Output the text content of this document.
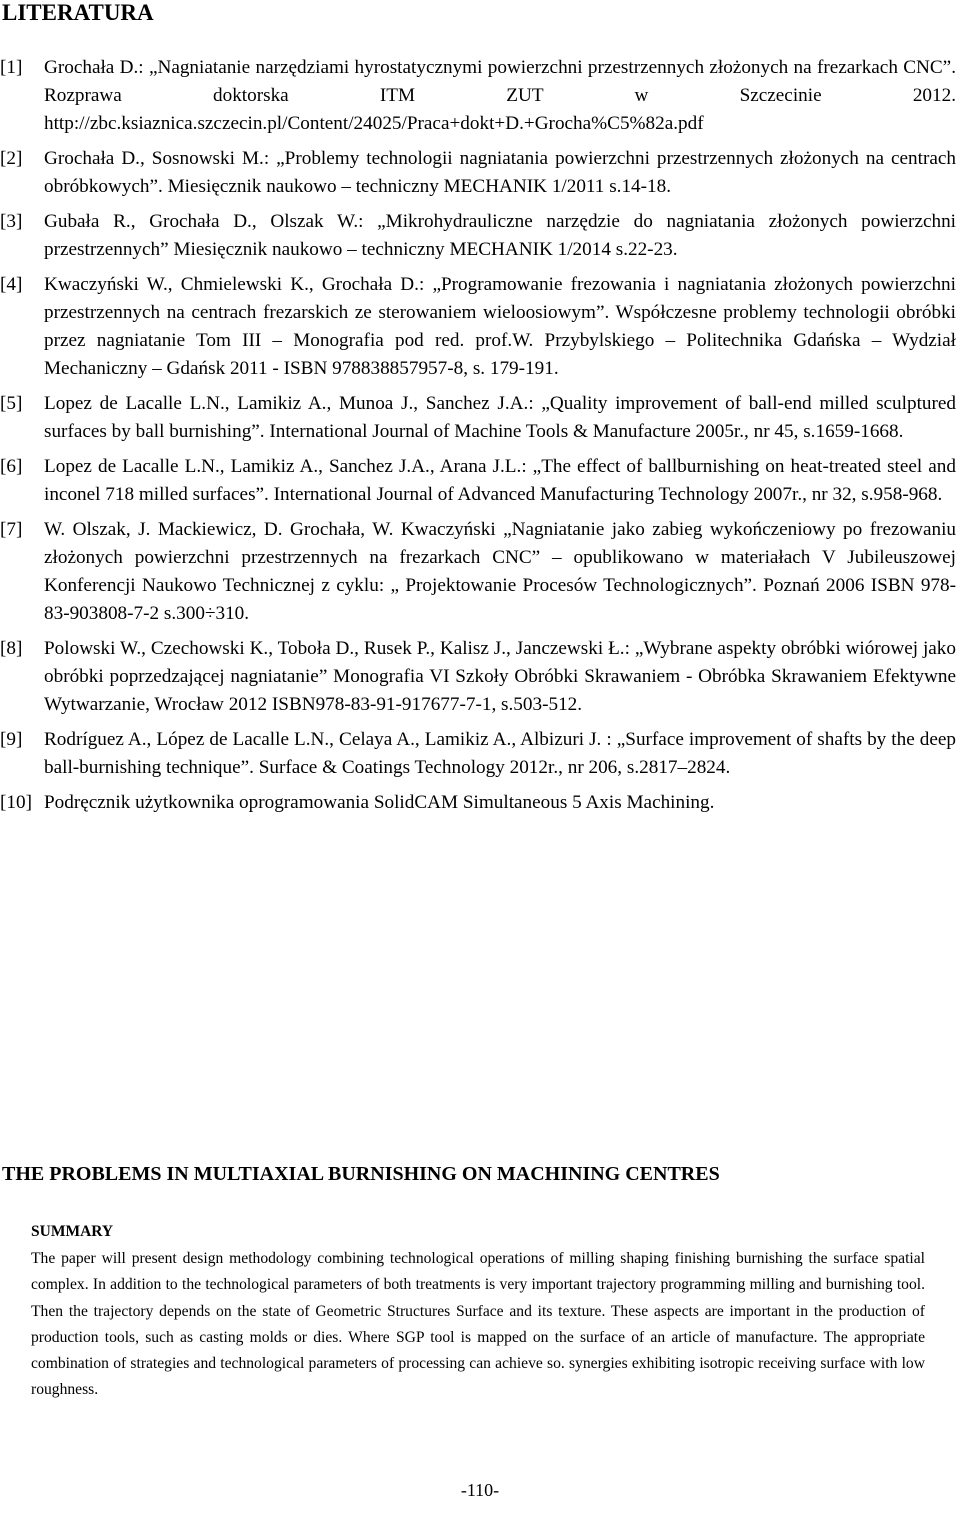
LITERATURA
[1] Grochała D.: „Nagniatanie narzędziami hyrostatycznymi powierzchni przestrzennych złożonych na frezarkach CNC”. Rozprawa doktorska ITM ZUT w Szczecinie 2012. http://zbc.ksiaznica.szczecin.pl/Content/24025/Praca+dokt+D.+Grocha%C5%82a.pdf
[2] Grochała D., Sosnowski M.: „Problemy technologii nagniatania powierzchni przestrzennych złożonych na centrach obróbkowych”. Miesięcznik naukowo – techniczny MECHANIK 1/2011 s.14-18.
[3] Gubała R., Grochała D., Olszak W.: „Mikrohydrauliczne narzędzie do nagniatania złożonych powierzchni przestrzennych” Miesięcznik naukowo – techniczny MECHANIK 1/2014 s.22-23.
[4] Kwaczyński W., Chmielewski K., Grochała D.: „Programowanie frezowania i nagniatania złożonych powierzchni przestrzennych na centrach frezarskich ze sterowaniem wieloosiowym”. Współczesne problemy technologii obróbki przez nagniatanie Tom III – Monografia pod red. prof.W. Przybylskiego – Politechnika Gdańska – Wydział Mechaniczny – Gdańsk 2011 - ISBN 978838857957-8, s. 179-191.
[5] Lopez de Lacalle L.N., Lamikiz A., Munoa J., Sanchez J.A.: „Quality improvement of ball-end milled sculptured surfaces by ball burnishing”. International Journal of Machine Tools & Manufacture 2005r., nr 45, s.1659-1668.
[6] Lopez de Lacalle L.N., Lamikiz A., Sanchez J.A., Arana J.L.: „The effect of ballburnishing on heat-treated steel and inconel 718 milled surfaces”. International Journal of Advanced Manufacturing Technology 2007r., nr 32, s.958-968.
[7] W. Olszak, J. Mackiewicz, D. Grochała, W. Kwaczyński „Nagniatanie jako zabieg wykończeniowy po frezowaniu złożonych powierzchni przestrzennych na frezarkach CNC” – opublikowano w materiałach V Jubileuszowej Konferencji Naukowo Technicznej z cyklu: „ Projektowanie Procesów Technologicznych”. Poznań 2006 ISBN 978-83-903808-7-2 s.300÷310.
[8] Polowski W., Czechowski K., Toboła D., Rusek P., Kalisz J., Janczewski Ł.: „Wybrane aspekty obróbki wiórowej jako obróbki poprzedzającej nagniatanie” Monografia VI Szkoły Obróbki Skrawaniem - Obróbka Skrawaniem Efektywne Wytwarzanie, Wrocław 2012 ISBN978-83-91-917677-7-1, s.503-512.
[9] Rodríguez A., López de Lacalle L.N., Celaya A., Lamikiz A., Albizuri J. : „Surface improvement of shafts by the deep ball-burnishing technique”. Surface & Coatings Technology 2012r., nr 206, s.2817–2824.
[10] Podręcznik użytkownika oprogramowania SolidCAM Simultaneous 5 Axis Machining.
THE PROBLEMS IN MULTIAXIAL BURNISHING ON MACHINING CENTRES
SUMMARY

The paper will present design methodology combining technological operations of milling shaping finishing burnishing the surface spatial complex. In addition to the technological parameters of both treatments is very important trajectory programming milling and burnishing tool. Then the trajectory depends on the state of Geometric Structures Surface and its texture. These aspects are important in the production of production tools, such as casting molds or dies. Where SGP tool is mapped on the surface of an article of manufacture. The appropriate combination of strategies and technological parameters of processing can achieve so. synergies exhibiting isotropic receiving surface with low roughness.

-110-
